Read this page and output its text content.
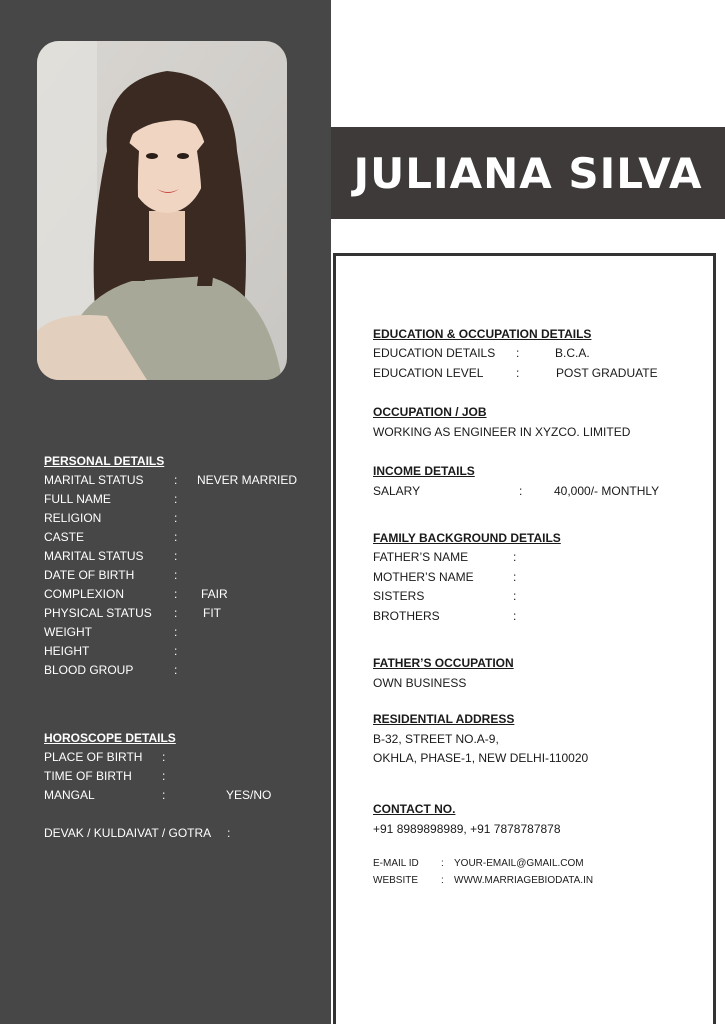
JULIANA SILVA
PERSONAL DETAILS
MARITAL STATUS	: NEVER MARRIED
FULL NAME	:
RELIGION	:
CASTE	:
MARITAL STATUS	:
DATE OF BIRTH	:
COMPLEXION	: FAIR
PHYSICAL STATUS : FIT
WEIGHT	:
HEIGHT	:
BLOOD GROUP	:
HOROSCOPE DETAILS
PLACE OF BIRTH :
TIME OF BIRTH	:
MANGAL	:	YES/NO
DEVAK / KULDAIVAT / GOTRA :
EDUCATION & OCCUPATION DETAILS
EDUCATION DETAILS :	B.C.A.
EDUCATION LEVEL	:	POST GRADUATE
OCCUPATION / JOB
WORKING AS ENGINEER IN XYZCO. LIMITED
INCOME DETAILS
SALARY	:	40,000/- MONTHLY
FAMILY BACKGROUND DETAILS
FATHER’S NAME	:
MOTHER’S NAME	:
SISTERS	:
BROTHERS	:
FATHER’S OCCUPATION
OWN BUSINESS
RESIDENTIAL ADDRESS
B-32, STREET NO.A-9,
OKHLA, PHASE-1, NEW DELHI-110020
CONTACT NO.
+91 8989898989, +91 7878787878
E-MAIL ID : YOUR-EMAIL@GMAIL.COM
WEBSITE : WWW.MARRIAGEBIODATA.IN
